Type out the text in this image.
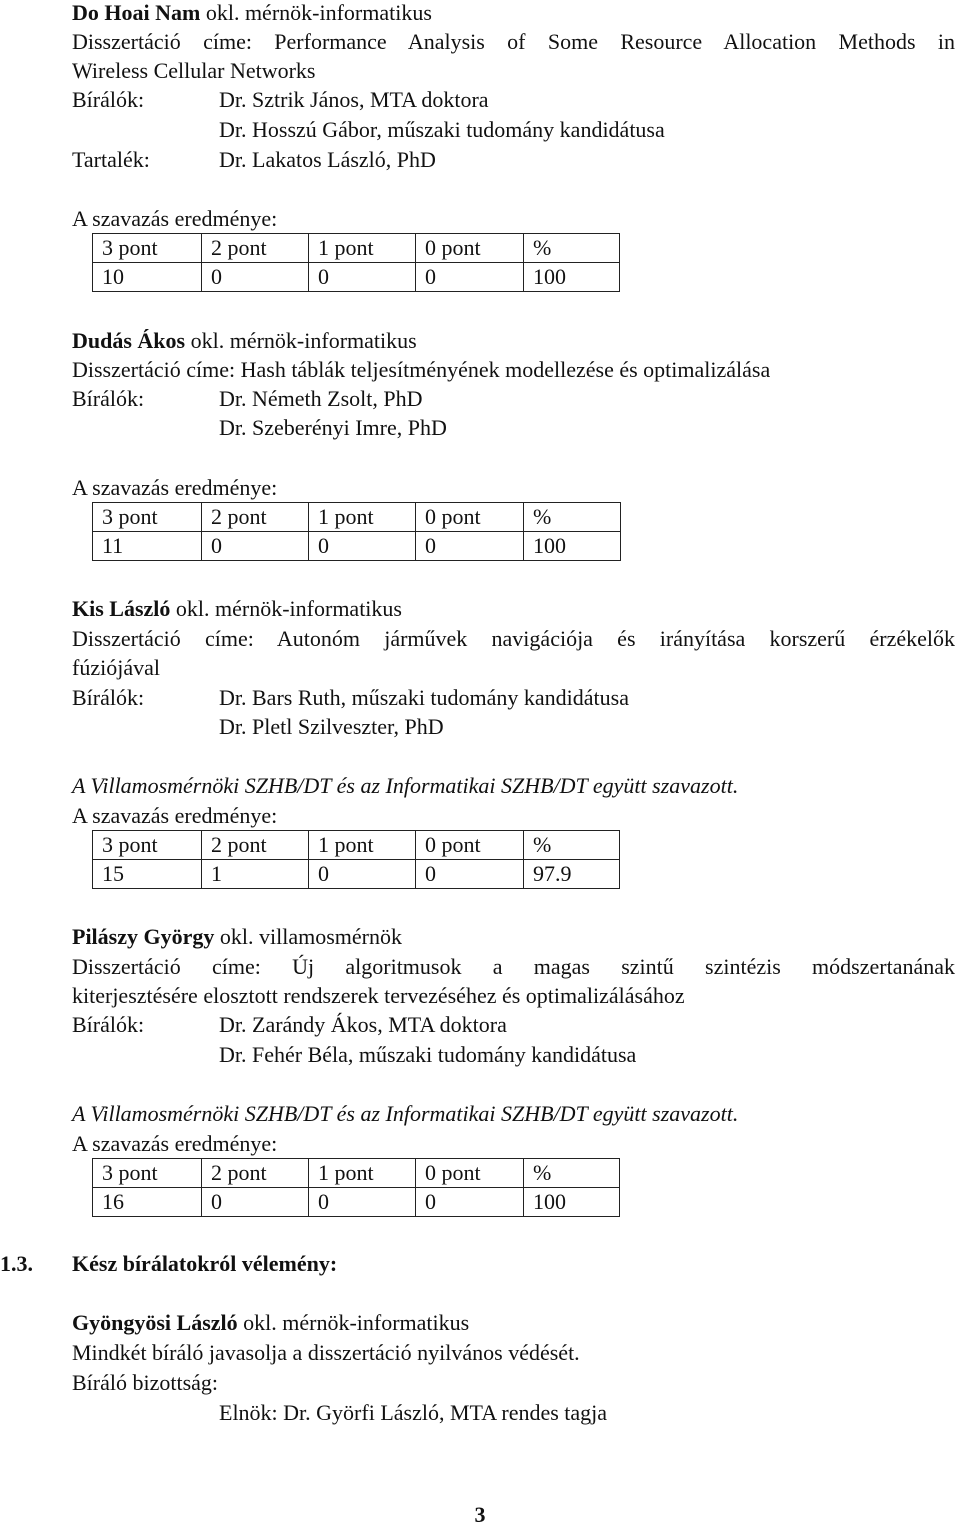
Do Hoai Nam okl. mérnök-informatikus
Disszertáció címe: Performance Analysis of Some Resource Allocation Methods in
Wireless Cellular Networks
Bírálók:	Dr. Sztrik János, MTA doktora
Dr. Hosszú Gábor, műszaki tudomány kandidátusa
Tartalék:	Dr. Lakatos László, PhD
A szavazás eredménye:
3 pont	2 pont	1 pont	0 pont	%
10	0	0	0	100
Dudás Ákos okl. mérnök-informatikus
Disszertáció címe: Hash táblák teljesítményének modellezése és optimalizálása
Bírálók:	Dr. Németh Zsolt, PhD
Dr. Szeberényi Imre, PhD
A szavazás eredménye:
3 pont	2 pont	1 pont	0 pont	%
11	0	0	0	100
Kis László okl. mérnök-informatikus
Disszertáció címe: Autonóm járművek navigációja és irányítása korszerű érzékelők
fúziójával
Bírálók:	Dr. Bars Ruth, műszaki tudomány kandidátusa
Dr. Pletl Szilveszter, PhD
A Villamosmérnöki SZHB/DT és az Informatikai SZHB/DT együtt szavazott.
A szavazás eredménye:
3 pont	2 pont	1 pont	0 pont	%
15	1	0	0	97.9
Pilászy György okl. villamosmérnök
Disszertáció címe: Új algoritmusok a magas szintű szintézis módszertanának
kiterjesztésére elosztott rendszerek tervezéséhez és optimalizálásához
Bírálók:	Dr. Zarándy Ákos, MTA doktora
Dr. Fehér Béla, műszaki tudomány kandidátusa
A Villamosmérnöki SZHB/DT és az Informatikai SZHB/DT együtt szavazott.
A szavazás eredménye:
3 pont	2 pont	1 pont	0 pont	%
16	0	0	0	100
1.3. Kész bírálatokról vélemény:
Gyöngyösi László okl. mérnök-informatikus
Mindkét bíráló javasolja a disszertáció nyilvános védését.
Bíráló bizottság:
Elnök: Dr. Györfi László, MTA rendes tagja
3
